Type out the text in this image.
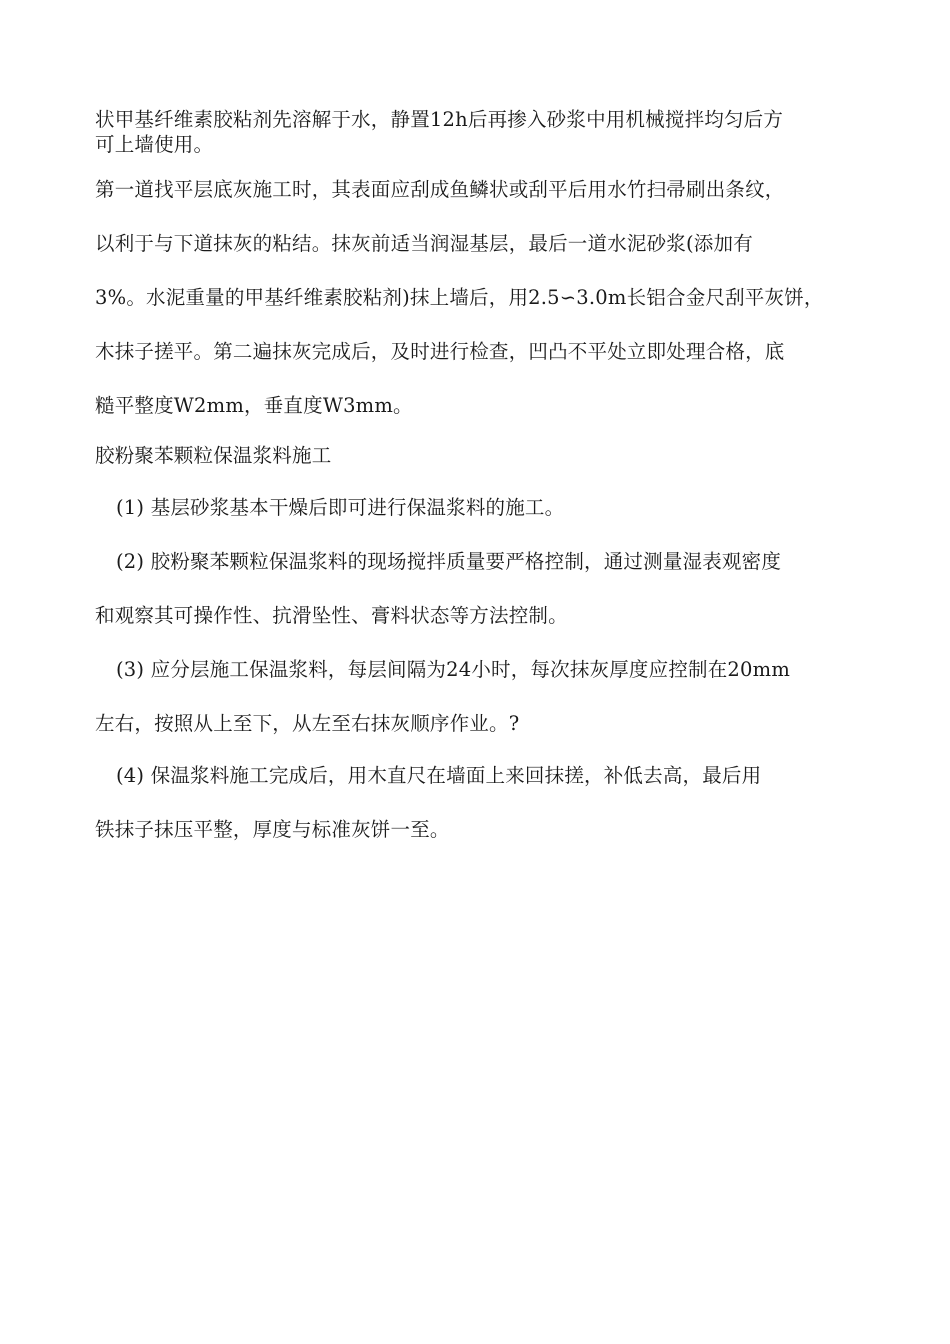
状甲基纤维素胶粘剂先溶解于水，静置12h后再掺入砂浆中用机械搅拌均匀后方
可上墙使用。
第一道找平层底灰施工时，其表面应刮成鱼鳞状或刮平后用水竹扫帚刷出条纹，
以利于与下道抹灰的粘结。抹灰前适当润湿基层，最后一道水泥砂浆(添加有
3%。水泥重量的甲基纤维素胶粘剂)抹上墙后，用2.5∽3.0m长铝合金尺刮平灰饼，
木抹子搓平。第二遍抹灰完成后，及时进行检查，凹凸不平处立即处理合格，底
糙平整度W2mm，垂直度W3mm。
胶粉聚苯颗粒保温浆料施工
(1) 基层砂浆基本干燥后即可进行保温浆料的施工。
(2) 胶粉聚苯颗粒保温浆料的现场搅拌质量要严格控制，通过测量湿表观密度
和观察其可操作性、抗滑坠性、膏料状态等方法控制。
(3) 应分层施工保温浆料，每层间隔为24小时，每次抹灰厚度应控制在20mm
左右，按照从上至下，从左至右抹灰顺序作业。?
(4) 保温浆料施工完成后，用木直尺在墙面上来回抹搓，补低去高，最后用
铁抹子抹压平整，厚度与标准灰饼一至。
